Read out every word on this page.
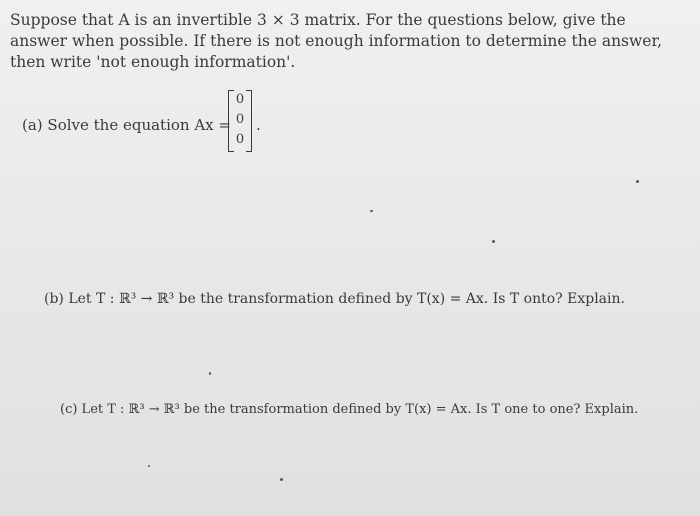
Suppose that A is an invertible 3 × 3 matrix. For the questions below, give the answer when possible. If there is not enough information to determine the answer, then write 'not enough information'.
(a) Solve the equation Ax =
0
0
0
.
(b) Let T : ℝ³ → ℝ³ be the transformation defined by T(x) = Ax. Is T onto? Explain.
(c) Let T : ℝ³ → ℝ³ be the transformation defined by T(x) = Ax. Is T one to one? Explain.
